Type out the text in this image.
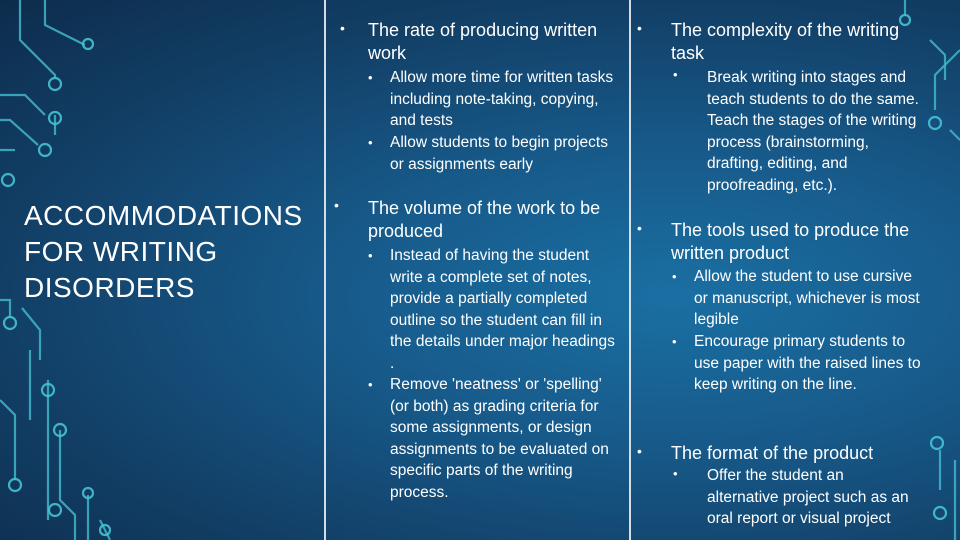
ACCOMMODATIONS FOR WRITING DISORDERS
• The rate of producing written work
• Allow more time for written tasks including note-taking, copying, and tests
• Allow students to begin projects or assignments early
• The volume of the work to be produced
• Instead of having the student write a complete set of notes, provide a partially completed outline so the student can fill in the details under major headings .
• Remove 'neatness' or 'spelling' (or both) as grading criteria for some assignments, or design assignments to be evaluated on specific parts of the writing process.
• The complexity of the writing task
• Break writing into stages and teach students to do the same. Teach the stages of the writing process (brainstorming, drafting, editing, and proofreading, etc.).
• The tools used to produce the written product
• Allow the student to use cursive or manuscript, whichever is most legible
• Encourage primary students to use paper with the raised lines to keep writing on the line.
• The format of the product
• Offer the student an alternative project such as an oral report or visual project
